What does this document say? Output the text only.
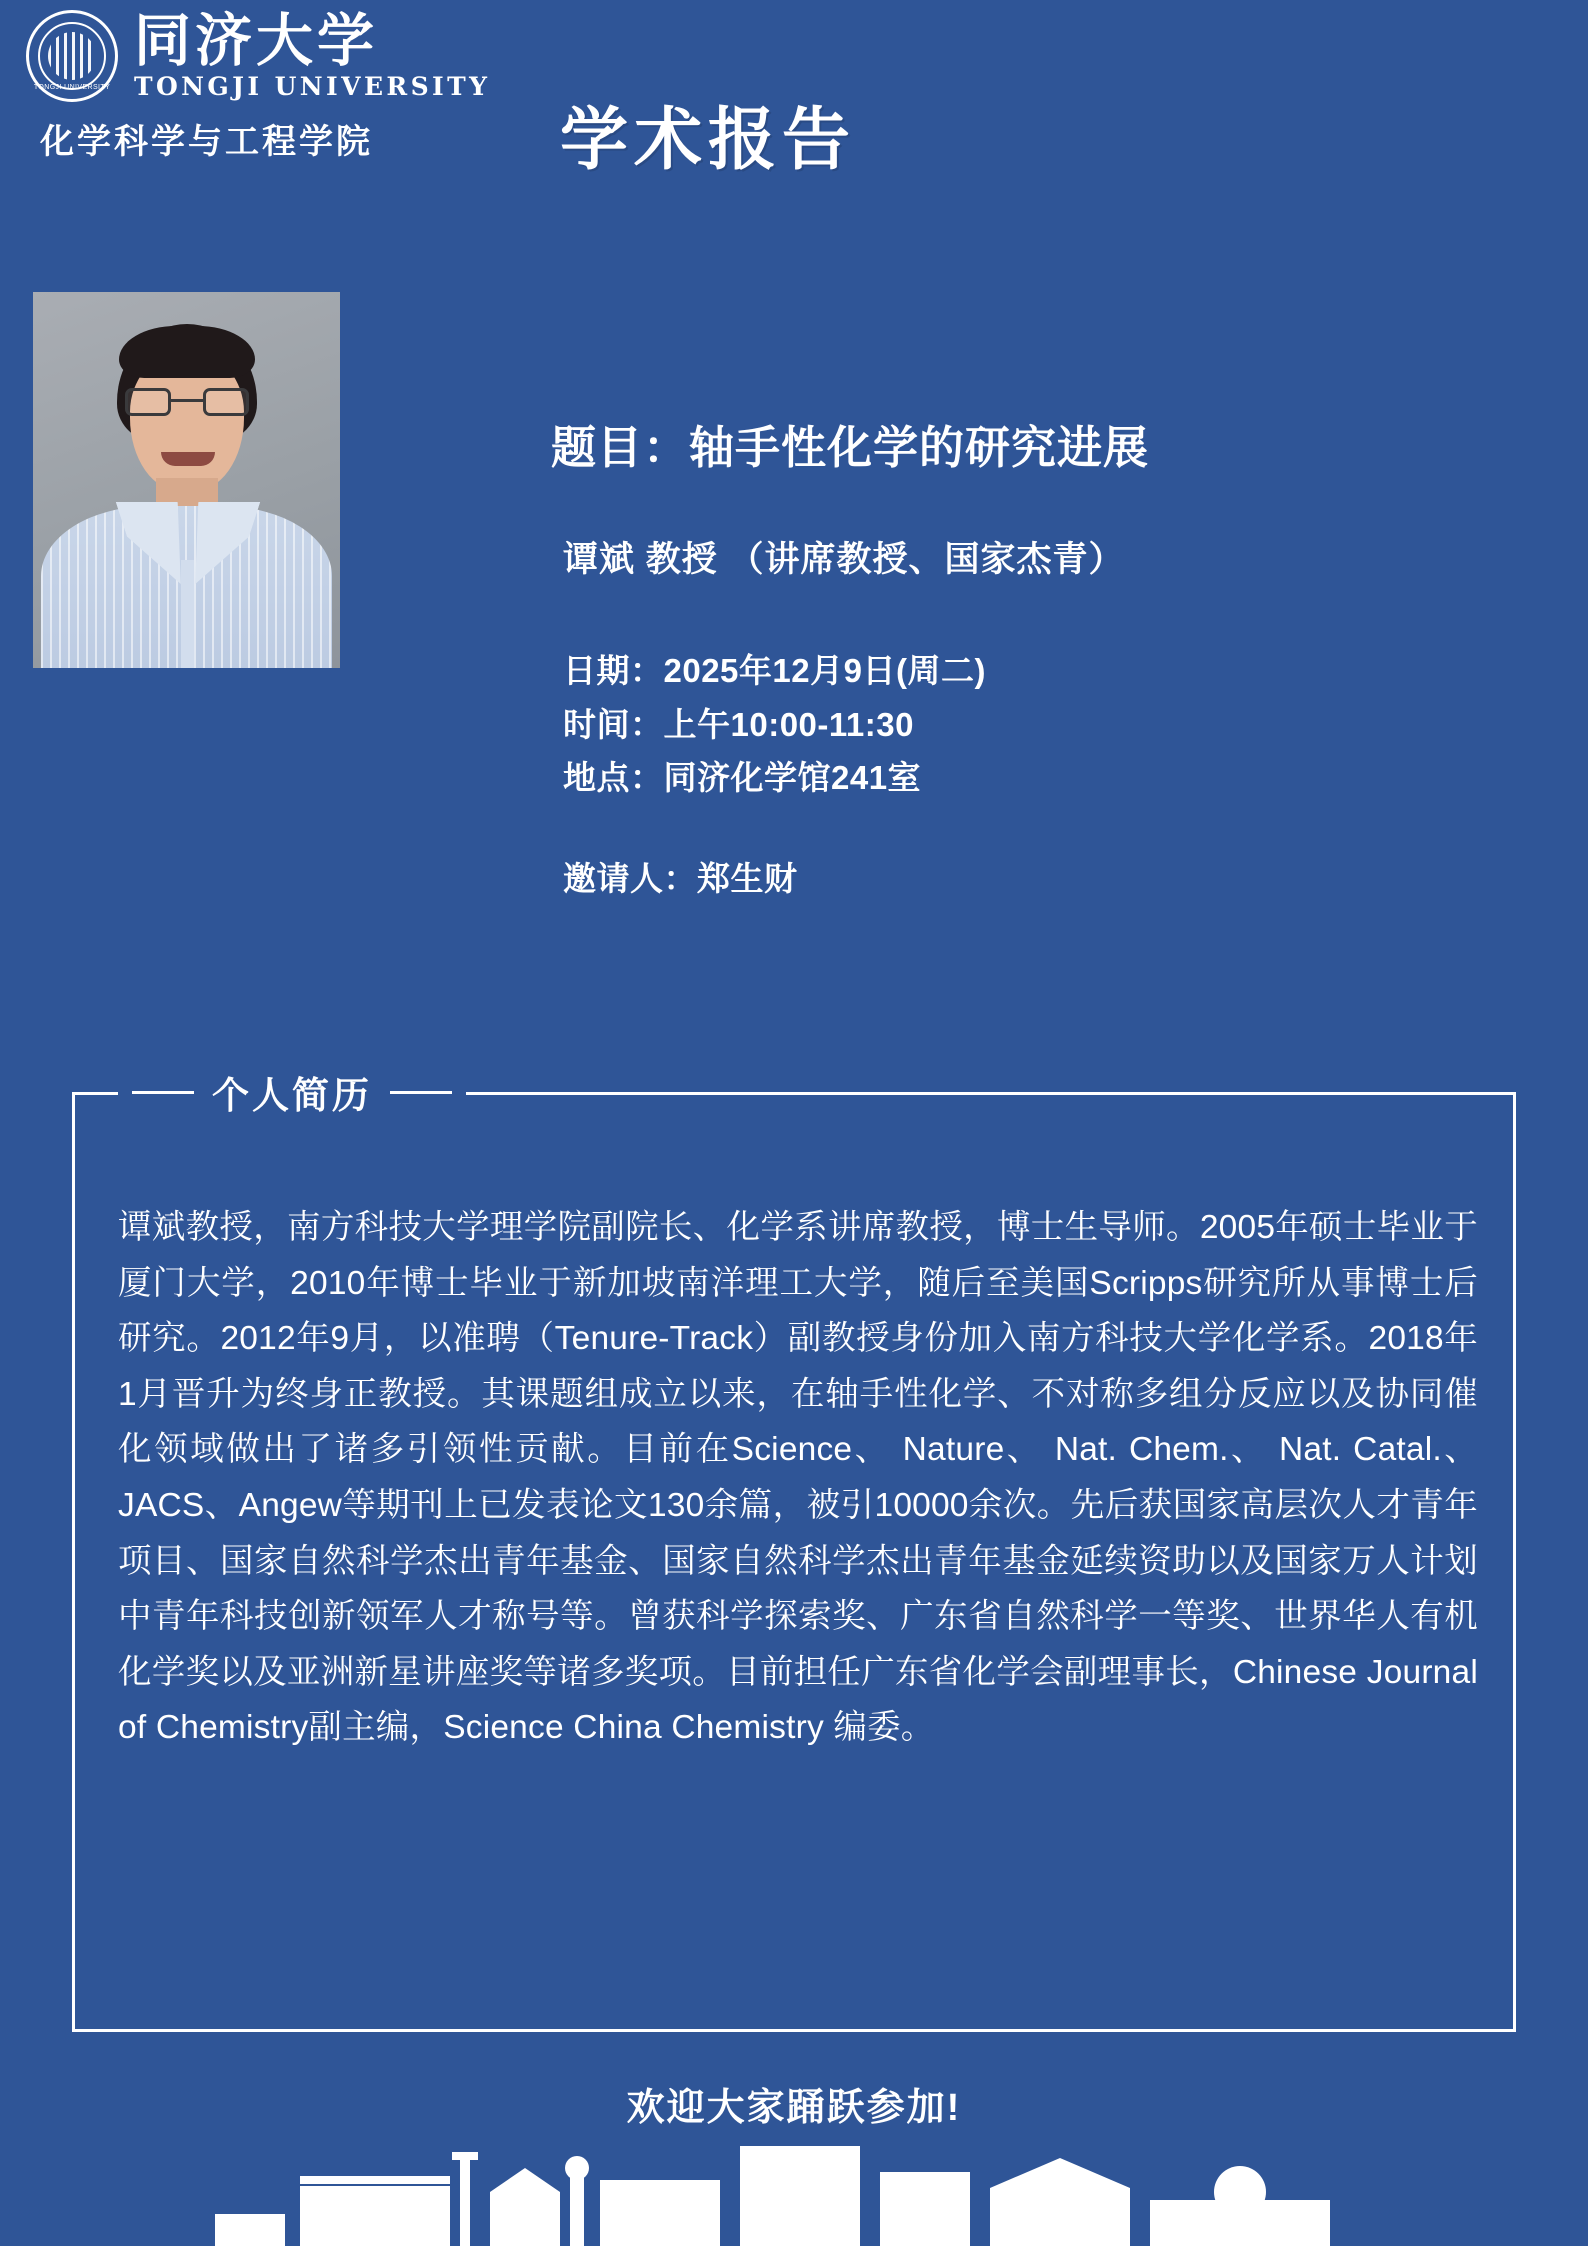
TONGJI UNIVERSITY
同济大学
TONGJI UNIVERSITY
化学科学与工程学院	学术报告
题目：轴手性化学的研究进展
谭斌 教授 （讲席教授、国家杰青）
日期：2025年12月9日(周二)
时间：上午10:00-11:30
地点：同济化学馆241室
邀请人：郑生财
个人简历
谭斌教授，南方科技大学理学院副院长、化学系讲席教授，博士生导师。2005年硕士毕业于厦门大学，2010年博士毕业于新加坡南洋理工大学，随后至美国Scripps研究所从事博士后研究。2012年9月，以准聘（Tenure-Track）副教授身份加入南方科技大学化学系。2018年1月晋升为终身正教授。其课题组成立以来，在轴手性化学、不对称多组分反应以及协同催化领域做出了诸多引领性贡献。目前在Science、 Nature、 Nat. Chem.、 Nat. Catal.、JACS、Angew等期刊上已发表论文130余篇，被引10000余次。先后获国家高层次人才青年项目、国家自然科学杰出青年基金、国家自然科学杰出青年基金延续资助以及国家万人计划中青年科技创新领军人才称号等。曾获科学探索奖、广东省自然科学一等奖、世界华人有机化学奖以及亚洲新星讲座奖等诸多奖项。目前担任广东省化学会副理事长，Chinese Journal of Chemistry副主编，Science China Chemistry 编委。
欢迎大家踊跃参加!
